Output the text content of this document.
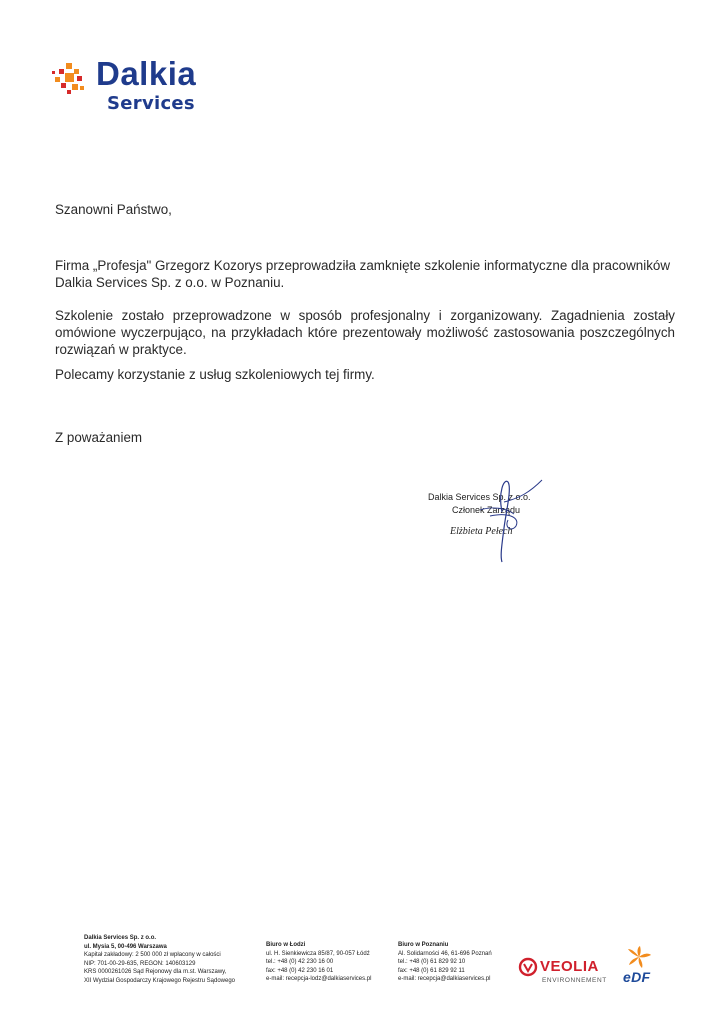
Dalkia
Services
Szanowni Państwo,
Firma „Profesja" Grzegorz Kozorys przeprowadziła zamknięte szkolenie informatyczne dla pracowników Dalkia Services Sp. z o.o. w Poznaniu.
Szkolenie zostało przeprowadzone w sposób profesjonalny i zorganizowany. Zagadnienia zostały omówione wyczerpująco, na przykładach które prezentowały możliwość zastosowania poszczególnych rozwiązań w praktyce.
Polecamy korzystanie z usług szkoleniowych tej firmy.
Z poważaniem
Dalkia Services Sp. z o.o.
Członek Zarządu
Elżbieta Pełech
Dalkia Services Sp. z o.o.
ul. Mysia 5, 00-496 Warszawa
Kapitał zakładowy: 2 500 000 zł wpłacony w całości
NIP: 701-00-29-635, REGON: 140603129
KRS 0000261026 Sąd Rejonowy dla m.st. Warszawy,
XII Wydział Gospodarczy Krajowego Rejestru Sądowego
Biuro w Łodzi
ul. H. Sienkiewicza 85/87, 90-057 Łódź
tel.: +48 (0) 42 230 16 00
fax: +48 (0) 42 230 16 01
e-mail: recepcja-lodz@dalkiaservices.pl
Biuro w Poznaniu
Al. Solidarności 46, 61-696 Poznań
tel.: +48 (0) 61 829 92 10
fax: +48 (0) 61 829 92 11
e-mail: recepcja@dalkiaservices.pl
VEOLIA
ENVIRONNEMENT eDF
